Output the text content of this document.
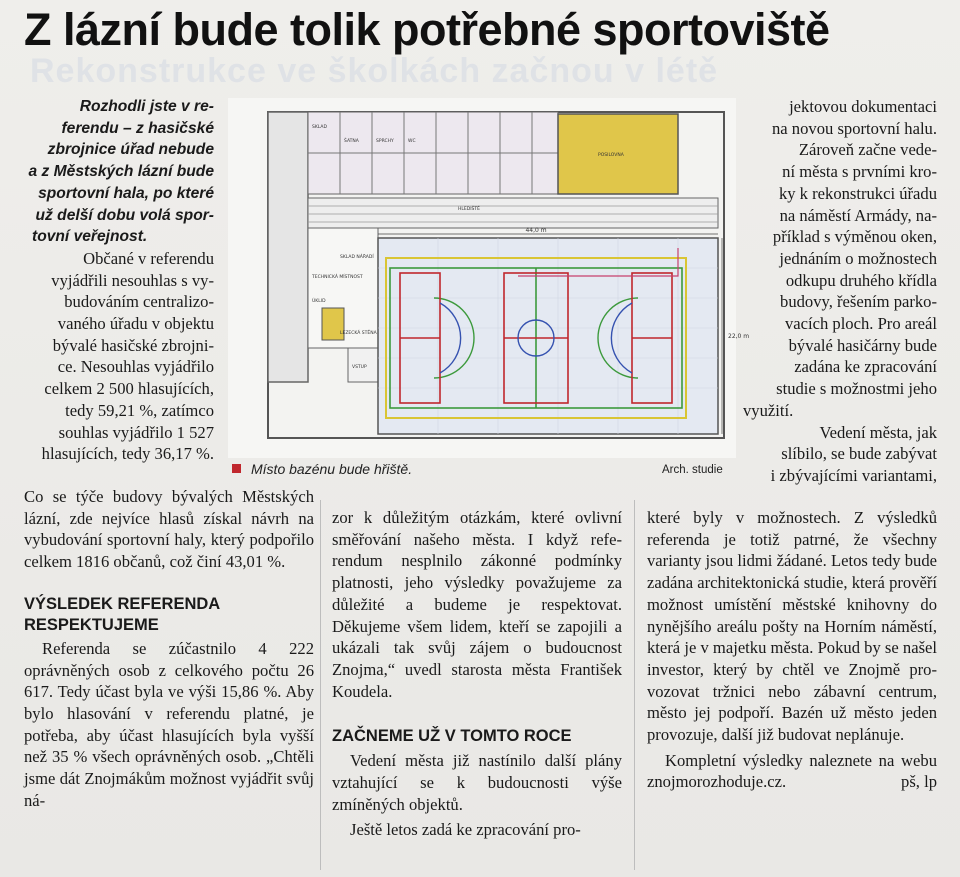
Rekonstrukce ve školkách začnou v létě
Z lázní bude tolik potřebné sportoviště

Rozhodli jste v re-

ferendu – z hasičské

zbrojnice úřad nebude

a z Městských lázní bude

sportovní hala, po které

už delší dobu volá spor-

tovní veřejnost.

Občané v referendu

vyjádřili nesouhlas s vy-

budováním centralizo-

vaného úřadu v objektu

bývalé hasičské zbrojni-

ce. Nesouhlas vyjádřilo

celkem 2 500 hlasujících,

tedy 59,21 %, zatímco

souhlas vyjádřilo 1 527

hlasujících, tedy 36,17 %.

Co se týče budovy bývalých Městských lázní, zde nejvíce hlasů získal návrh na vybudování sportovní haly, který podpořilo celkem 1816 občanů, což činí 43,01 %.

VÝSLEDEK REFERENDA RESPEKTUJEME

Referenda se zúčastnilo 4 222 oprávněných osob z celkového počtu 26 617. Tedy účast byla ve výši 15,86 %. Aby bylo hlasování v referendu platné, je potřeba, aby účast hlasujících byla vyšší než 35 % všech oprávněných osob. „Chtěli jsme dát Znojmákům možnost vyjádřit svůj ná-

zor k důležitým otázkám, které ovlivní směřování našeho města. I když referendum nesplnilo zákonné podmínky platnosti, jeho výsledky považujeme za důležité a budeme je respektovat. Děkujeme všem lidem, kteří se zapojili a ukázali tak svůj zájem o budoucnost Znojma,“ uvedl starosta města František Koudela.

ZAČNEME UŽ V TOMTO ROCE

Vedení města již nastínilo další plány vztahující se k budoucnosti výše zmíněných objektů.

Ještě letos zadá ke zpracování pro-

jektovou dokumentaci

na novou sportovní halu.

Zároveň začne vede-

ní města s prvními kro-

ky k rekonstrukci úřadu

na náměstí Armády, na-

příklad s výměnou oken,

jednáním o možnostech

odkupu druhého křídla

budovy, řešením parko-

vacích ploch. Pro areál

bývalé hasičárny bude

zadána ke zpracování

studie s možnostmi jeho

využití.

Vedení města, jak

slíbilo, se bude zabývat

i zbývajícími variantami,

které byly v možnostech. Z výsledků referenda je totiž patrné, že všechny varianty jsou lidmi žádané. Letos tedy bude zadána architektonická studie, která prověří možnost umístění městské knihovny do nynějšího areálu pošty na Horním náměstí, která je v majetku města. Pokud by se našel investor, který by chtěl ve Znojmě provozovat tržnici nebo zábavní centrum, město jej podpoří. Bazén už město jeden provozuje, další již budovat neplánuje.

Kompletní výsledky naleznete na webu znojmorozhoduje.cz.	pš, lp

44,0 m
22,0 m
SKLAD
ŠATNA	SPRCHY	WC
POSILOVNA
HLEDIŠTĚ
TECHNICKÁ MÍSTNOST
ÚKLID
SKLAD NÁŘADÍ
VSTUP
LEZECKÁ STĚNA
Místo bazénu bude hřiště.	Arch. studie
